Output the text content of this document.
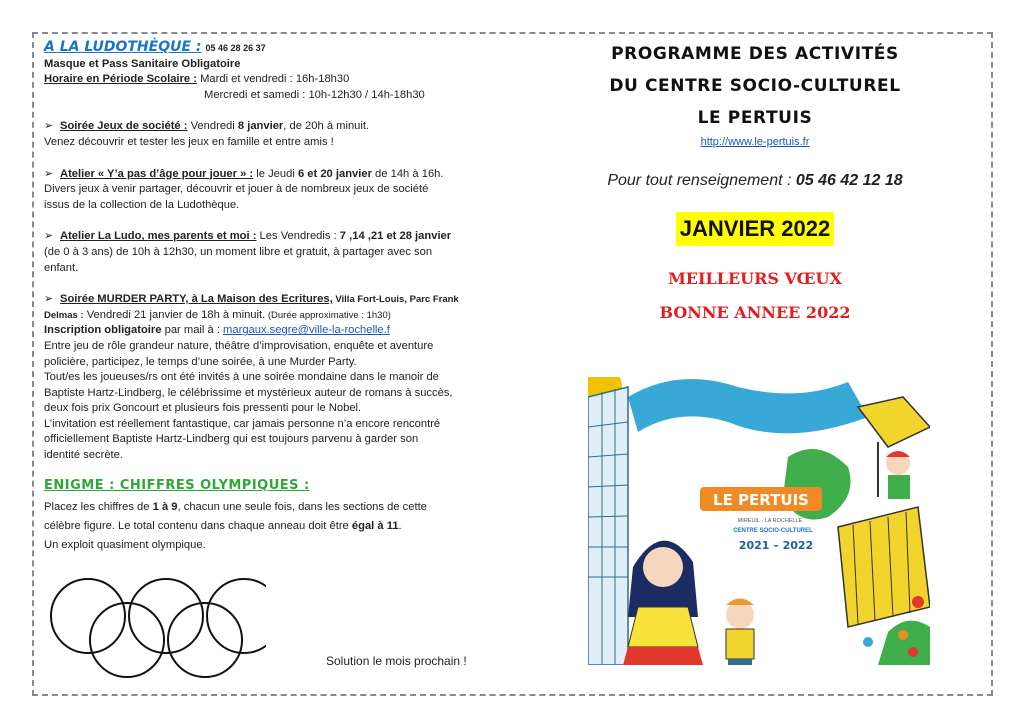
A LA LUDOTHÈQUE : 05 46 28 26 37

Masque et Pass Sanitaire Obligatoire

Horaire en Période Scolaire : Mardi et vendredi : 16h-18h30

Mercredi et samedi : 10h-12h30 / 14h-18h30

➢ Soirée Jeux de société : Vendredi 8 janvier, de 20h à minuit.

Venez découvrir et tester les jeux en famille et entre amis !

➢ Atelier « Y’a pas d’âge pour jouer » : le Jeudi 6 et 20 janvier de 14h à 16h.

Divers jeux à venir partager, découvrir et jouer à de nombreux jeux de société

issus de la collection de la Ludothèque.

➢ Atelier La Ludo, mes parents et moi : Les Vendredis : 7 ,14 ,21 et 28 janvier

(de 0 à 3 ans) de 10h à 12h30, un moment libre et gratuit, à partager avec son

enfant.

➢ Soirée MURDER PARTY, à La Maison des Ecritures, Villa Fort-Louis, Parc Frank

Delmas : Vendredi 21 janvier de 18h à minuit. (Durée approximative : 1h30)

Inscription obligatoire par mail à : margaux.segre@ville-la-rochelle.f

Entre jeu de rôle grandeur nature, théâtre d’improvisation, enquête et aventure

policière, participez, le temps d’une soirée, à une Murder Party.

Tout/es les joueuses/rs ont été invités à une soirée mondaine dans le manoir de

Baptiste Hartz-Lindberg, le célébrissime et mystérieux auteur de romans à succès,

deux fois prix Goncourt et plusieurs fois pressenti pour le Nobel.

L’invitation est réellement fantastique, car jamais personne n’a encore rencontré

officiellement Baptiste Hartz-Lindberg qui est toujours parvenu à garder son

identité secrète.

ENIGME : CHIFFRES OLYMPIQUES :

Placez les chiffres de 1 à 9, chacun une seule fois, dans les sections de cette

célèbre figure. Le total contenu dans chaque anneau doit être égal à 11.

Un exploit quasiment olympique.

Solution le mois prochain !
PROGRAMME DES ACTIVITÉS
DU CENTRE SOCIO-CULTUREL
LE PERTUIS
http://www.le-pertuis.fr
Pour tout renseignement : 05 46 42 12 18
JANVIER 2022
MEILLEURS VŒUX
BONNE ANNEE 2022
LE PERTUIS
MIREUIL · LA ROCHELLE
CENTRE SOCIO-CULTUREL
2021 – 2022
